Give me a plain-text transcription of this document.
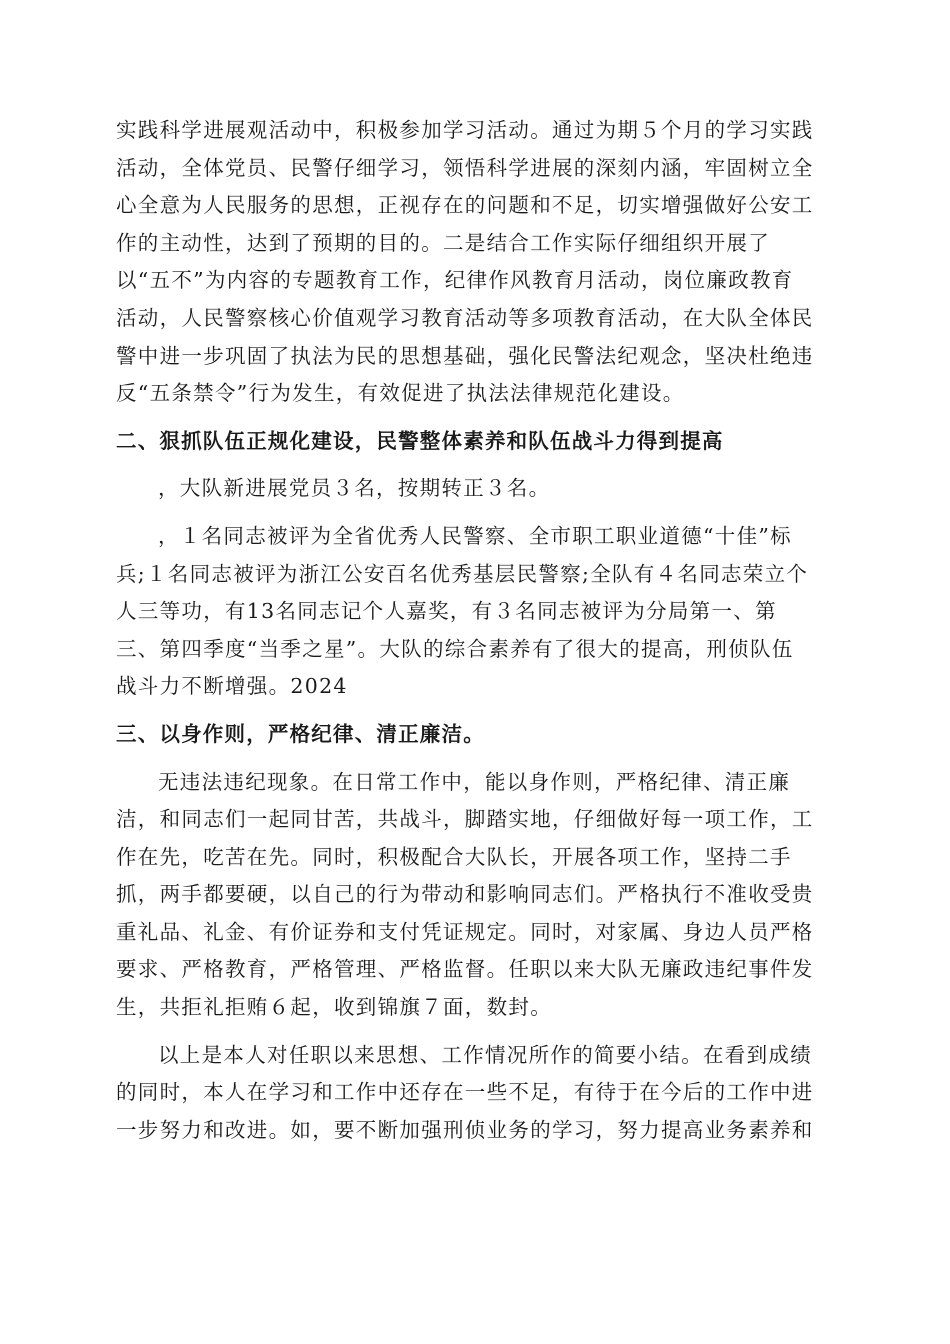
实践科学进展观活动中，积极参加学习活动。通过为期５个月的学习实践
活动，全体党员、民警仔细学习，领悟科学进展的深刻内涵，牢固树立全
心全意为人民服务的思想，正视存在的问题和不足，切实增强做好公安工
作的主动性，达到了预期的目的。二是结合工作实际仔细组织开展了
以“五不”为内容的专题教育工作，纪律作风教育月活动，岗位廉政教育
活动，人民警察核心价值观学习教育活动等多项教育活动，在大队全体民
警中进一步巩固了执法为民的思想基础，强化民警法纪观念，坚决杜绝违
反“五条禁令”行为发生，有效促进了执法法律规范化建设。

二、狠抓队伍正规化建设，民警整体素养和队伍战斗力得到提高

，大队新进展党员３名，按期转正３名。

，１名同志被评为全省优秀人民警察、全市职工职业道德“十佳”标
兵;１名同志被评为浙江公安百名优秀基层民警察;全队有４名同志荣立个
人三等功，有13名同志记个人嘉奖，有３名同志被评为分局第一、第
三、第四季度“当季之星”。大队的综合素养有了很大的提高，刑侦队伍
战斗力不断增强。2024

三、以身作则，严格纪律、清正廉洁。

无违法违纪现象。在日常工作中，能以身作则，严格纪律、清正廉
洁，和同志们一起同甘苦，共战斗，脚踏实地，仔细做好每一项工作，工
作在先，吃苦在先。同时，积极配合大队长，开展各项工作，坚持二手
抓，两手都要硬，以自己的行为带动和影响同志们。严格执行不准收受贵
重礼品、礼金、有价证券和支付凭证规定。同时，对家属、身边人员严格
要求、严格教育，严格管理、严格监督。任职以来大队无廉政违纪事件发
生，共拒礼拒贿６起，收到锦旗７面，数封。

以上是本人对任职以来思想、工作情况所作的简要小结。在看到成绩
的同时，本人在学习和工作中还存在一些不足，有待于在今后的工作中进
一步努力和改进。如，要不断加强刑侦业务的学习，努力提高业务素养和
